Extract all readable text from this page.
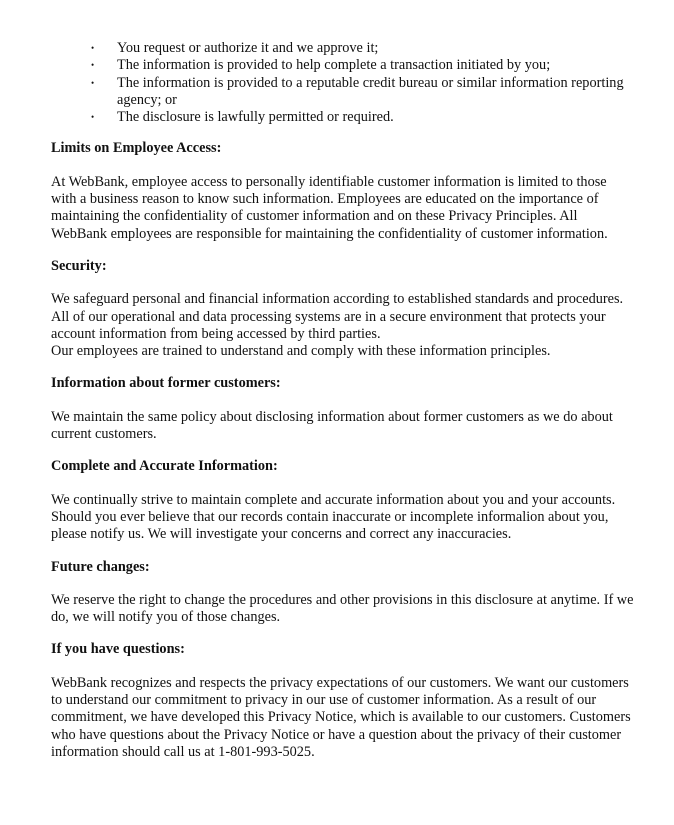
• You request or authorize it and we approve it;
• The information is provided to help complete a transaction initiated by you;
• The information is provided to a reputable credit bureau or similar information reporting agency; or
• The disclosure is lawfully permitted or required.
Limits on Employee Access:

At WebBank, employee access to personally identifiable customer information is limited to those with a business reason to know such information. Employees are educated on the importance of maintaining the confidentiality of customer information and on these Privacy Principles. All WebBank employees are responsible for maintaining the confidentiality of customer information.

Security:

We safeguard personal and financial information according to established standards and procedures. All of our operational and data processing systems are in a secure environment that protects your account information from being accessed by third parties.
Our employees are trained to understand and comply with these information principles.

Information about former customers:

We maintain the same policy about disclosing information about former customers as we do about current customers.

Complete and Accurate Information:

We continually strive to maintain complete and accurate information about you and your accounts. Should you ever believe that our records contain inaccurate or incomplete informalion about you, please notify us. We will investigate your concerns and correct any inaccuracies.

Future changes:

We reserve the right to change the procedures and other provisions in this disclosure at anytime. If we do, we will notify you of those changes.

If you have questions:

WebBank recognizes and respects the privacy expectations of our customers. We want our customers to understand our commitment to privacy in our use of customer information. As a result of our commitment, we have developed this Privacy Notice, which is available to our customers. Customers who have questions about the Privacy Notice or have a question about the privacy of their customer information should call us at 1-801-993-5025.
